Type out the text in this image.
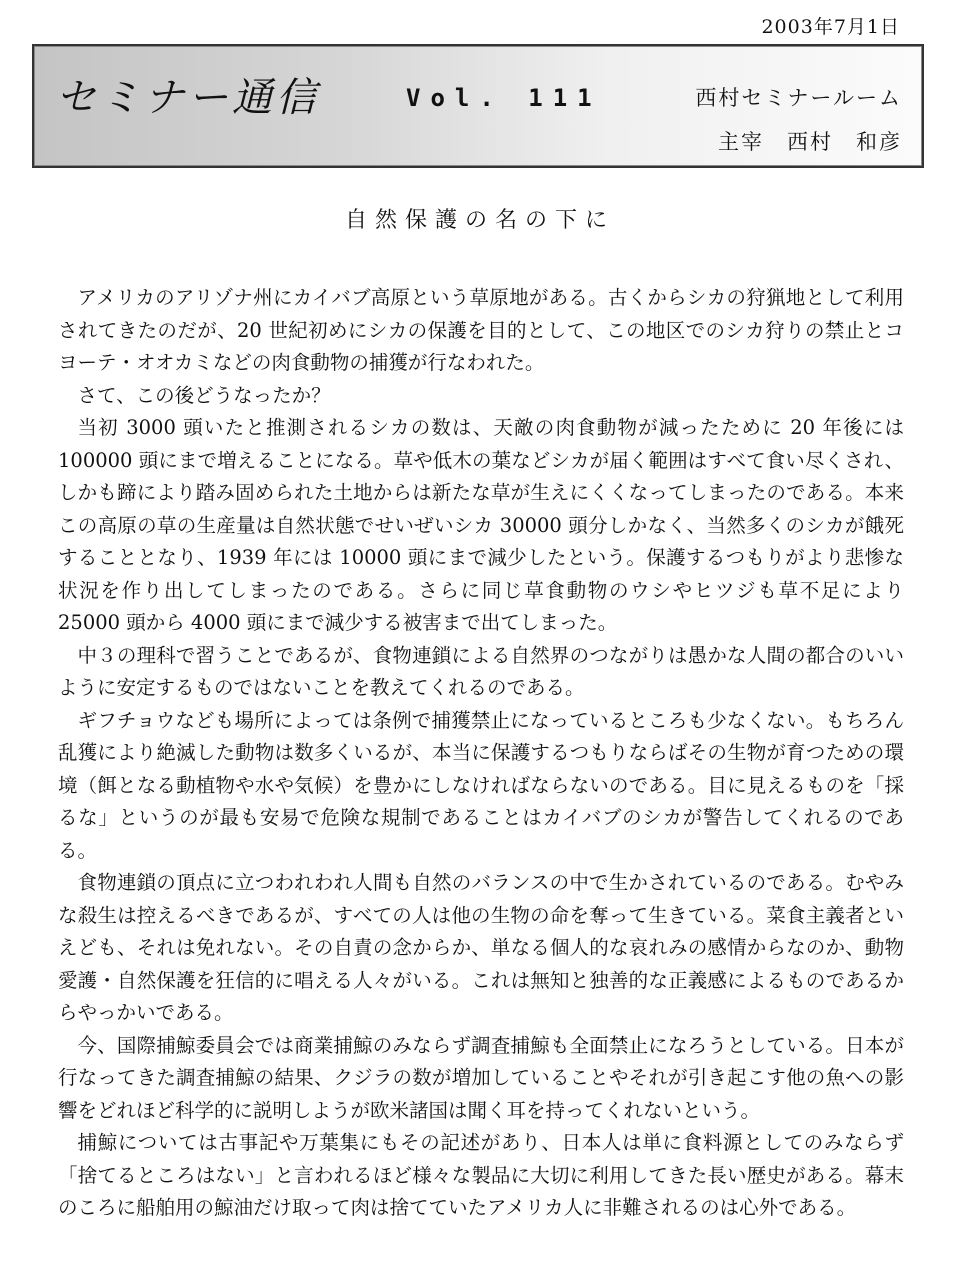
2003年7月1日
セミナー通信	Vol. 111	西村セミナールーム
主宰　西村　和彦
自然保護の名の下に

アメリカのアリゾナ州にカイバブ高原という草原地がある。古くからシカの狩猟地として利用されてきたのだが、20 世紀初めにシカの保護を目的として、この地区でのシカ狩りの禁止とコヨーテ・オオカミなどの肉食動物の捕獲が行なわれた。

さて、この後どうなったか？

当初 3000 頭いたと推測されるシカの数は、天敵の肉食動物が減ったために 20 年後には 100000 頭にまで増えることになる。草や低木の葉などシカが届く範囲はすべて食い尽くされ、しかも蹄により踏み固められた土地からは新たな草が生えにくくなってしまったのである。本来この高原の草の生産量は自然状態でせいぜいシカ 30000 頭分しかなく、当然多くのシカが餓死することとなり、1939 年には 10000 頭にまで減少したという。保護するつもりがより悲惨な状況を作り出してしまったのである。さらに同じ草食動物のウシやヒツジも草不足により 25000 頭から 4000 頭にまで減少する被害まで出てしまった。

中３の理科で習うことであるが、食物連鎖による自然界のつながりは愚かな人間の都合のいいように安定するものではないことを教えてくれるのである。

ギフチョウなども場所によっては条例で捕獲禁止になっているところも少なくない。もちろん乱獲により絶滅した動物は数多くいるが、本当に保護するつもりならばその生物が育つための環境（餌となる動植物や水や気候）を豊かにしなければならないのである。目に見えるものを「採るな」というのが最も安易で危険な規制であることはカイバブのシカが警告してくれるのである。

食物連鎖の頂点に立つわれわれ人間も自然のバランスの中で生かされているのである。むやみな殺生は控えるべきであるが、すべての人は他の生物の命を奪って生きている。菜食主義者といえども、それは免れない。その自責の念からか、単なる個人的な哀れみの感情からなのか、動物愛護・自然保護を狂信的に唱える人々がいる。これは無知と独善的な正義感によるものであるからやっかいである。

今、国際捕鯨委員会では商業捕鯨のみならず調査捕鯨も全面禁止になろうとしている。日本が行なってきた調査捕鯨の結果、クジラの数が増加していることやそれが引き起こす他の魚への影響をどれほど科学的に説明しようが欧米諸国は聞く耳を持ってくれないという。

捕鯨については古事記や万葉集にもその記述があり、日本人は単に食料源としてのみならず「捨てるところはない」と言われるほど様々な製品に大切に利用してきた長い歴史がある。幕末のころに船舶用の鯨油だけ取って肉は捨てていたアメリカ人に非難されるのは心外である。
